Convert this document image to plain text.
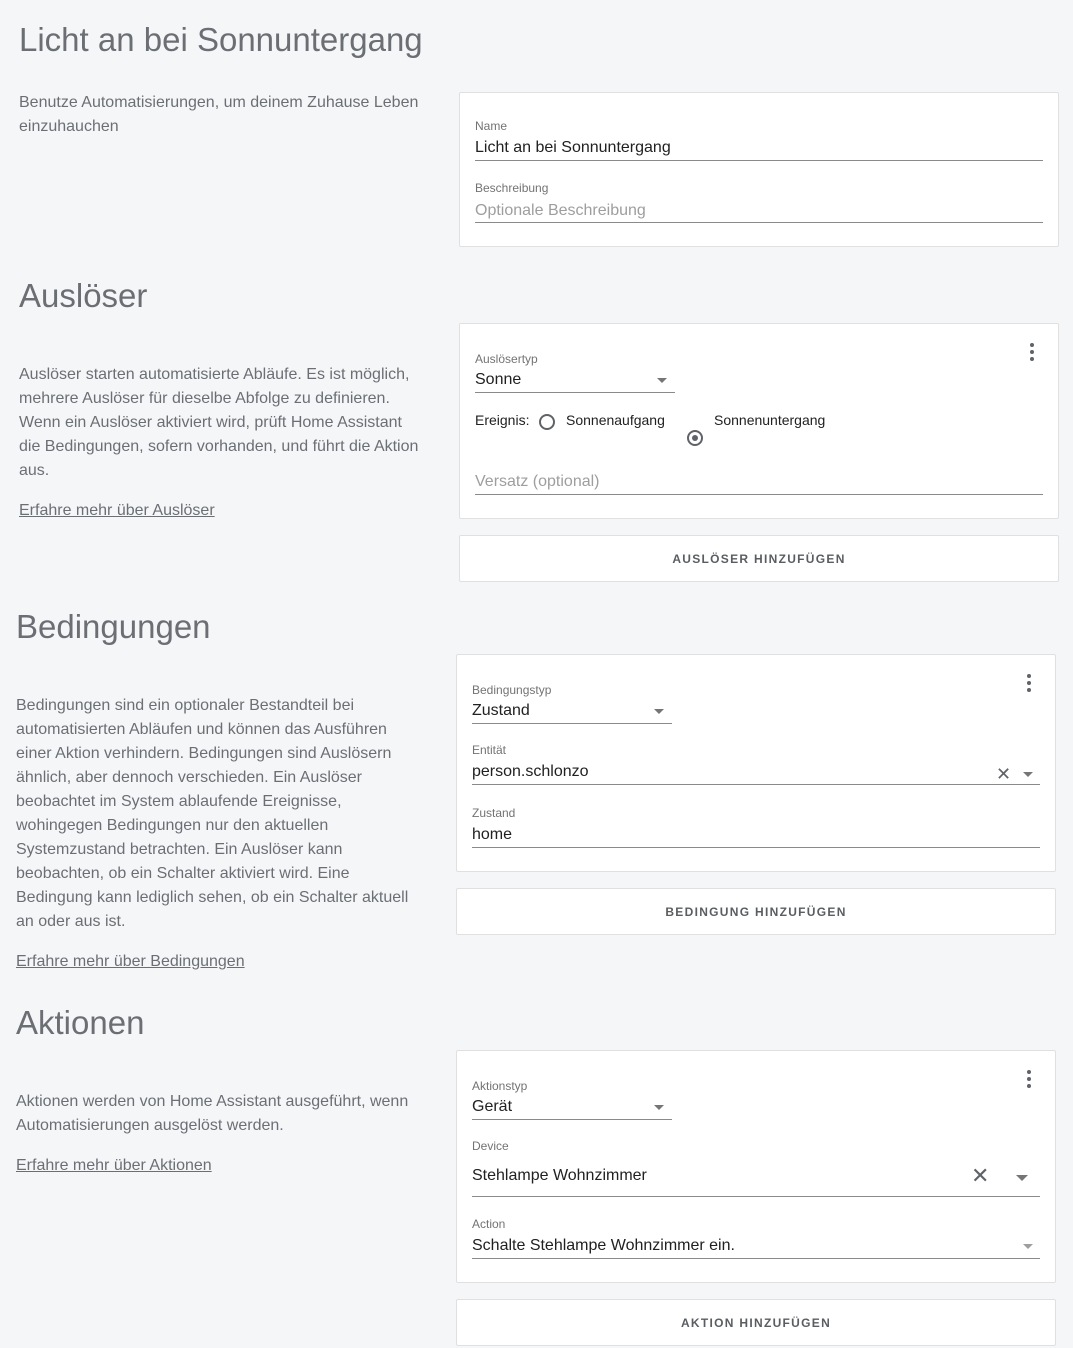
Licht an bei Sonnuntergang
Benutze Automatisierungen, um deinem Zuhause Leben einzuhauchen	Name
Licht an bei Sonnuntergang
Beschreibung
Optionale Beschreibung
Auslöser
Auslöser starten automatisierte Abläufe. Es ist möglich, mehrere Auslöser für dieselbe Abfolge zu definieren. Wenn ein Auslöser aktiviert wird, prüft Home Assistant die Bedingungen, sofern vorhanden, und führt die Aktion aus.
Erfahre mehr über Auslöser
Auslösertyp
Sonne
Ereignis:	Sonnenaufgang	Sonnenuntergang
Versatz (optional)
AUSLÖSER HINZUFÜGEN
Bedingungen
Bedingungen sind ein optionaler Bestandteil bei automatisierten Abläufen und können das Ausführen einer Aktion verhindern. Bedingungen sind Auslösern ähnlich, aber dennoch verschieden. Ein Auslöser beobachtet im System ablaufende Ereignisse, wohingegen Bedingungen nur den aktuellen Systemzustand betrachten. Ein Auslöser kann beobachten, ob ein Schalter aktiviert wird. Eine Bedingung kann lediglich sehen, ob ein Schalter aktuell an oder aus ist.
Erfahre mehr über Bedingungen
Bedingungstyp
Zustand
Entität
person.schlonzo	✕
Zustand
home
BEDINGUNG HINZUFÜGEN
Aktionen
Aktionen werden von Home Assistant ausgeführt, wenn Automatisierungen ausgelöst werden.
Erfahre mehr über Aktionen
Aktionstyp
Gerät
Device
Stehlampe Wohnzimmer	✕
Action
Schalte Stehlampe Wohnzimmer ein.
AKTION HINZUFÜGEN
